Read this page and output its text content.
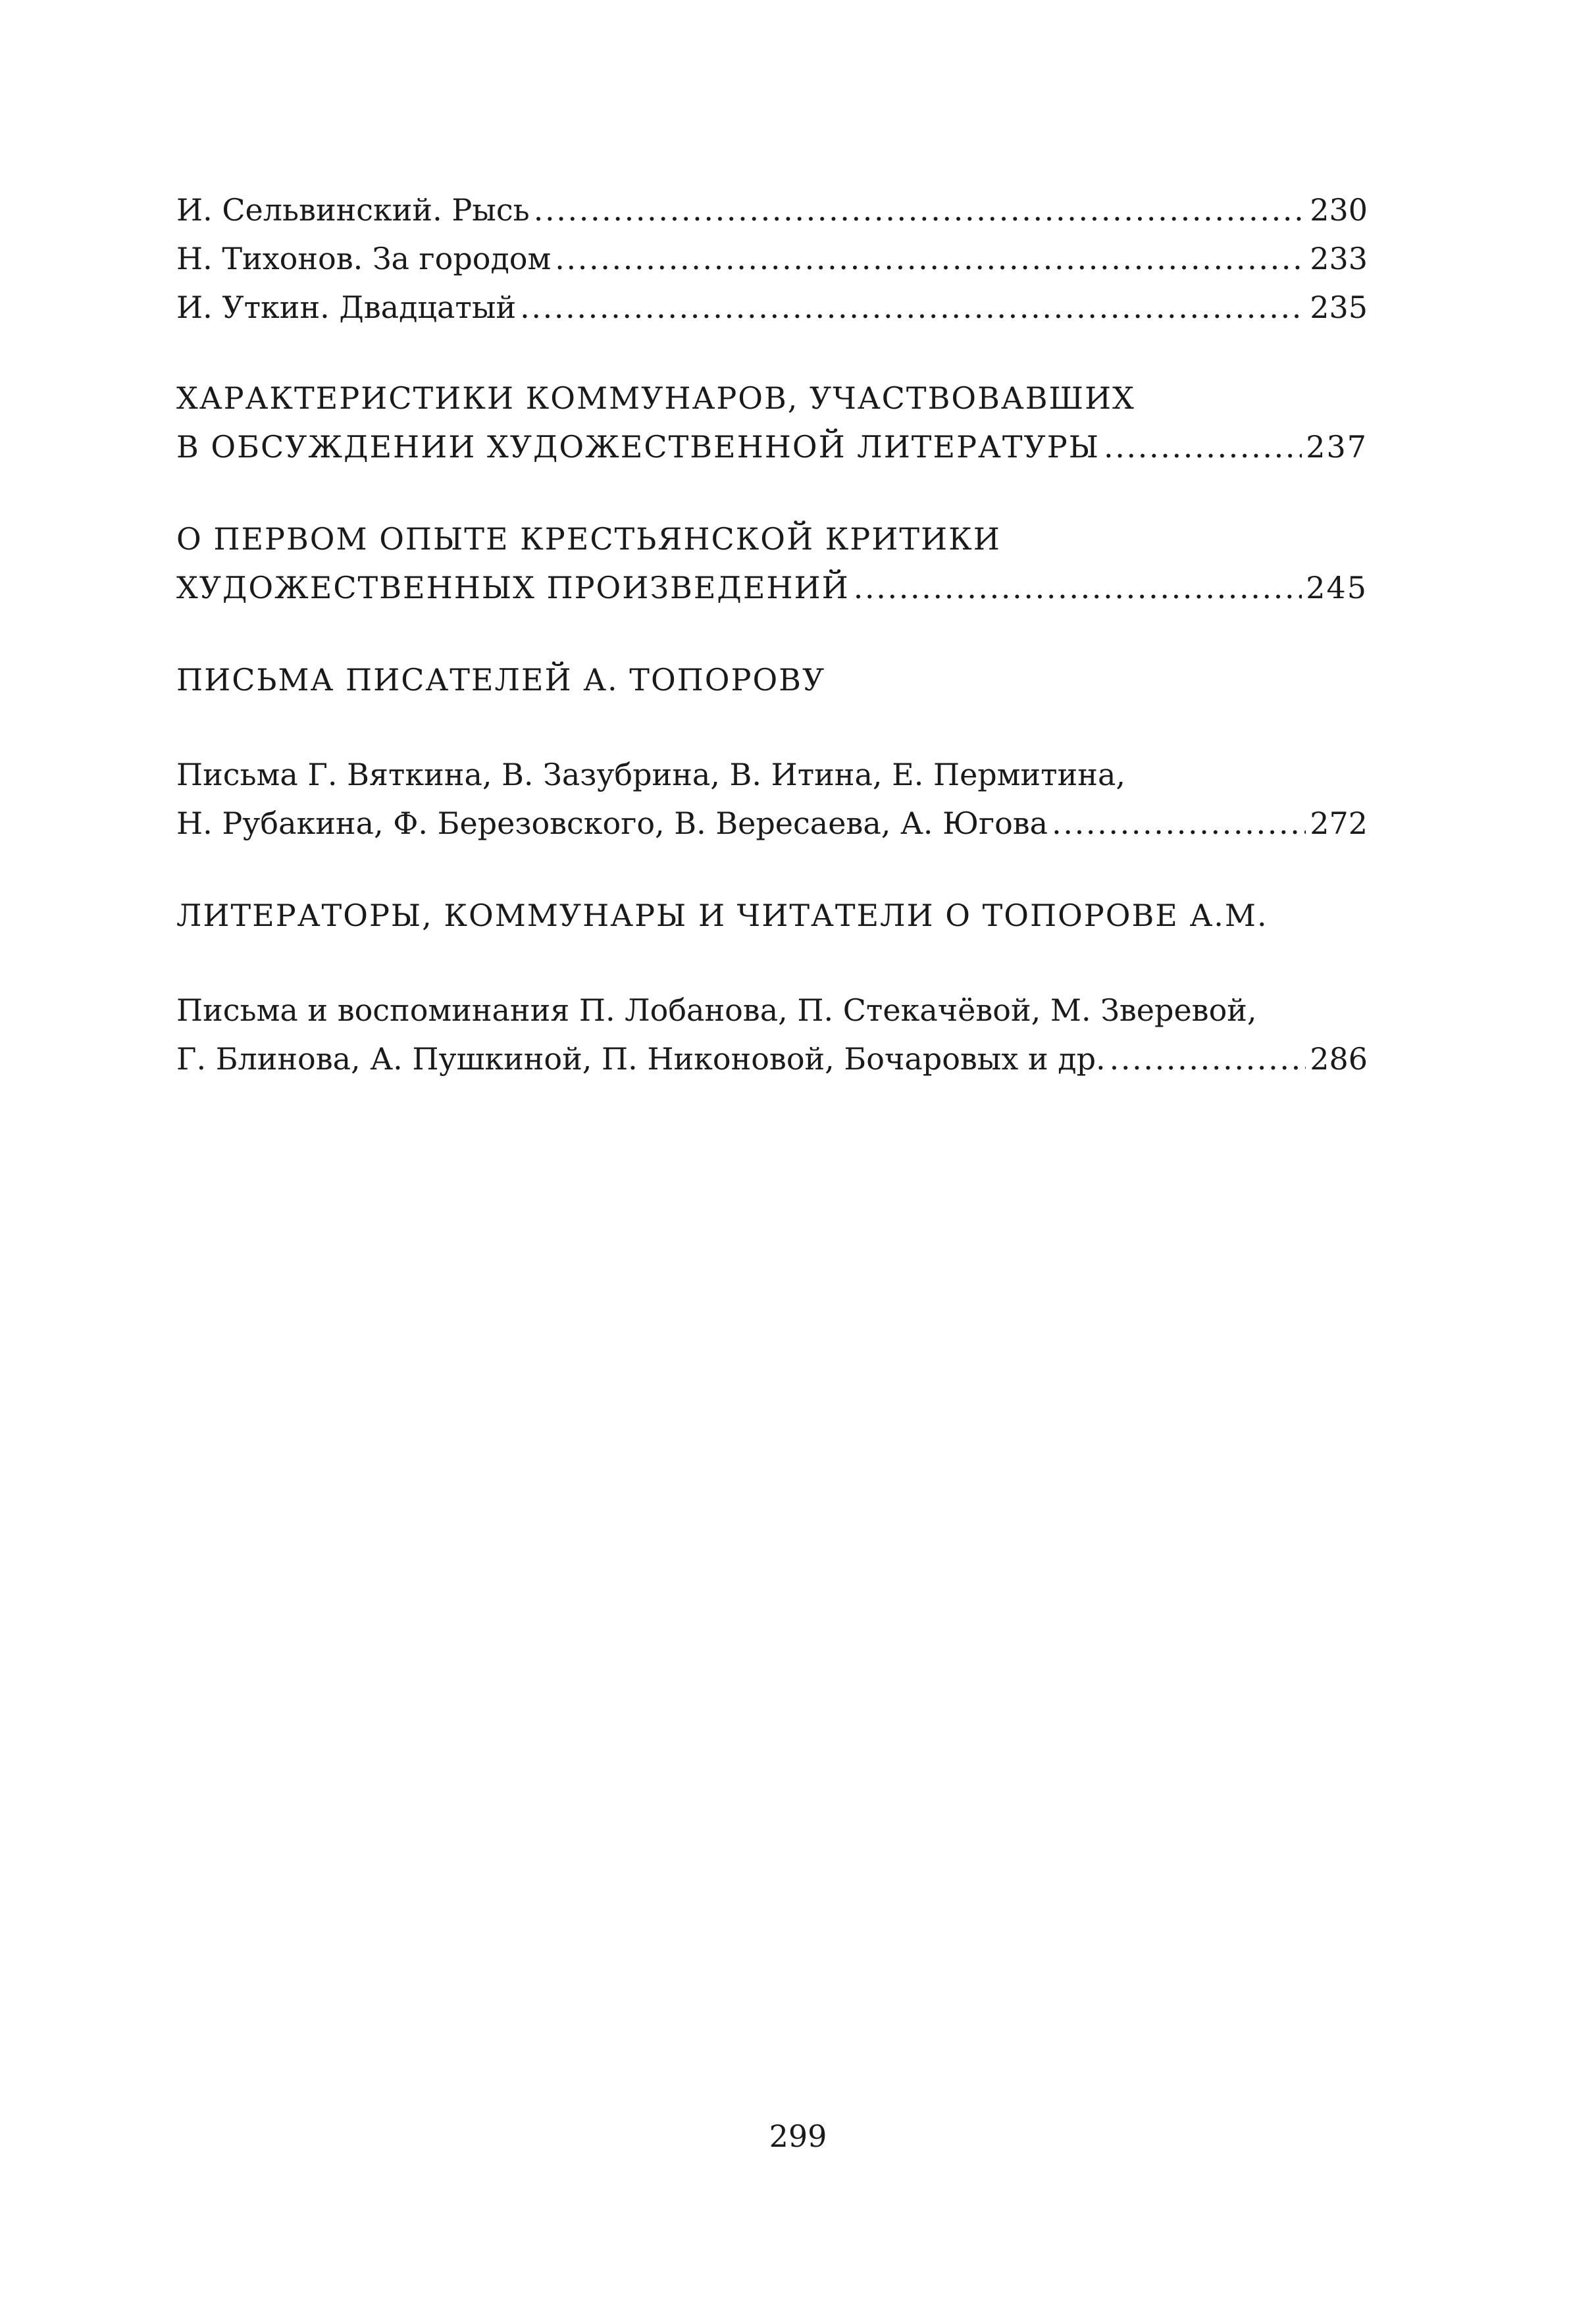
И. Сельвинский. Рысь . . .	230
Н. Тихонов. За городом . . .	233
И. Уткин. Двадцатый . . .	235
ХАРАКТЕРИСТИКИ КОММУНАРОВ, УЧАСТВОВАВШИХ
В ОБСУЖДЕНИИ ХУДОЖЕСТВЕННОЙ ЛИТЕРАТУРЫ . . .	237
О ПЕРВОМ ОПЫТЕ КРЕСТЬЯНСКОЙ КРИТИКИ
ХУДОЖЕСТВЕННЫХ ПРОИЗВЕДЕНИЙ . . .	245
ПИСЬМА ПИСАТЕЛЕЙ А. ТОПОРОВУ
Письма Г. Вяткина, В. Зазубрина, В. Итина, Е. Пермитина,
Н. Рубакина, Ф. Березовского, В. Вересаева, А. Югова . . .	272
ЛИТЕРАТОРЫ, КОММУНАРЫ И ЧИТАТЕЛИ О ТОПОРОВЕ А.М.
Письма и воспоминания П. Лобанова, П. Стекачёвой, М. Зверевой,
Г. Блинова, А. Пушкиной, П. Никоновой, Бочаровых и др. . . .	286
299
